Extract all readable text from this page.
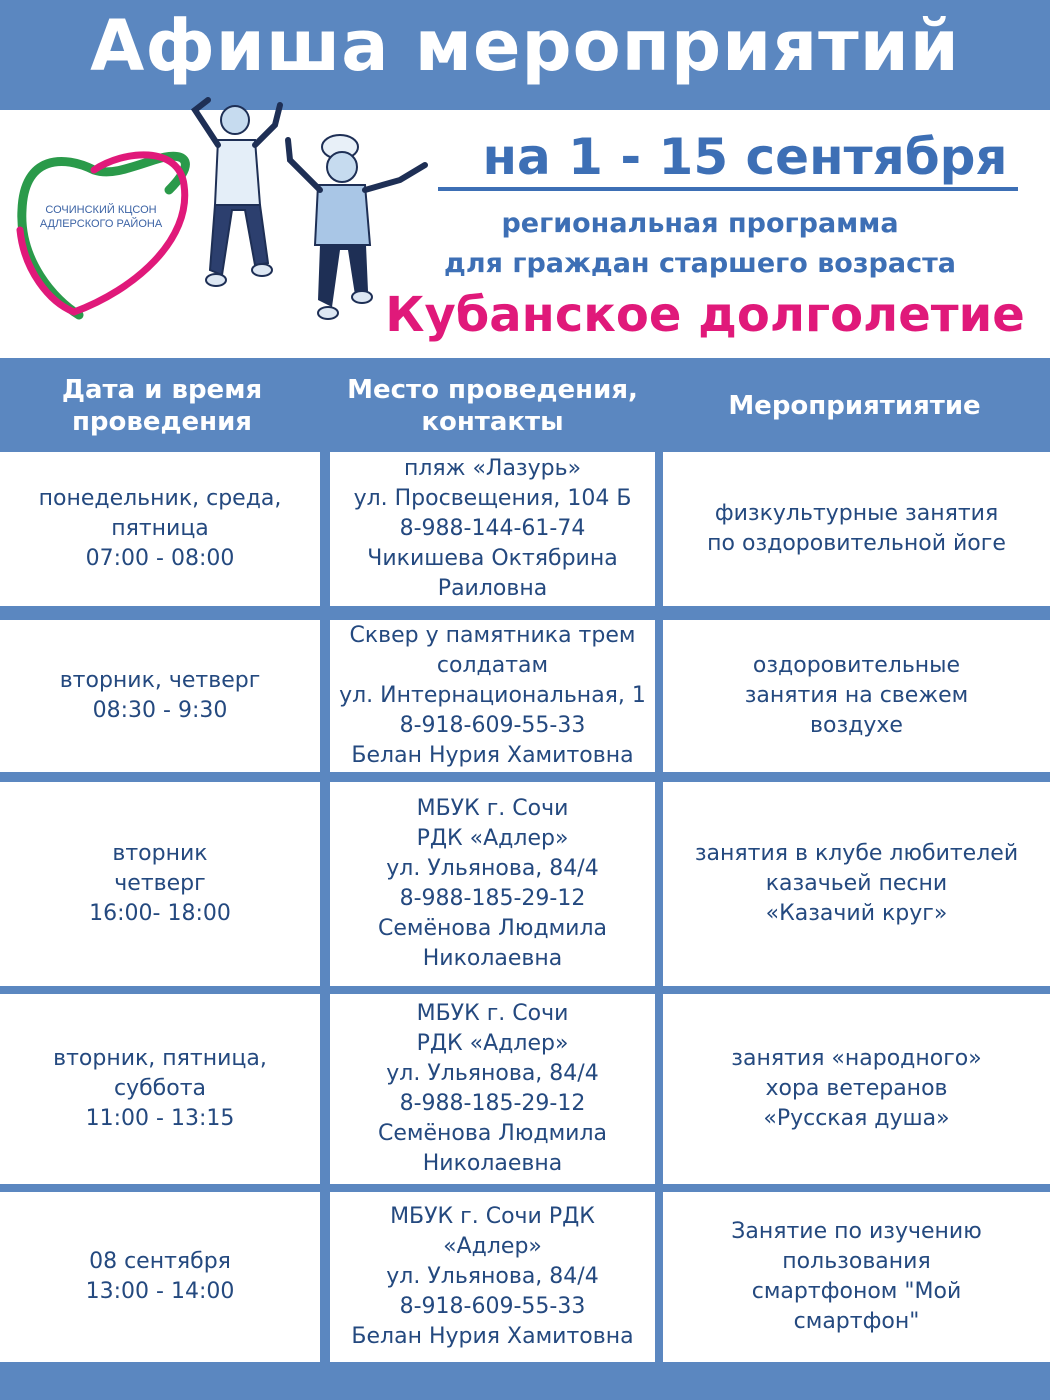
Афиша мероприятий
СОЧИНСКИЙ КЦСОН
АДЛЕРСКОГО РАЙОНА
на 1 - 15 сентября
региональная программа
для граждан старшего возраста
Кубанское долголетие
Дата и время
проведения
Место проведения,
контакты
Мероприятиятие
понедельник, среда,
пятница
07:00 - 08:00
пляж «Лазурь»
ул. Просвещения, 104 Б
8-988-144-61-74
Чикишева Октябрина
Раиловна
физкультурные занятия
по оздоровительной йоге
вторник, четверг
08:30 - 9:30
Сквер у памятника трем
солдатам
ул. Интернациональная, 1
8-918-609-55-33
Белан Нурия Хамитовна
оздоровительные
занятия на свежем
воздухе
вторник
четверг
16:00- 18:00
МБУК г. Сочи
РДК «Адлер»
ул. Ульянова, 84/4
8-988-185-29-12
Семёнова Людмила
Николаевна
занятия в клубе любителей
казачьей песни
«Казачий круг»
вторник, пятница,
суббота
11:00 - 13:15
МБУК г. Сочи
РДК «Адлер»
ул. Ульянова, 84/4
8-988-185-29-12
Семёнова Людмила
Николаевна
занятия «народного»
хора ветеранов
«Русская душа»
08 сентября
13:00 - 14:00
МБУК г. Сочи РДК
«Адлер»
ул. Ульянова, 84/4
8-918-609-55-33
Белан Нурия Хамитовна
Занятие по изучению
пользования
смартфоном "Мой
смартфон"
